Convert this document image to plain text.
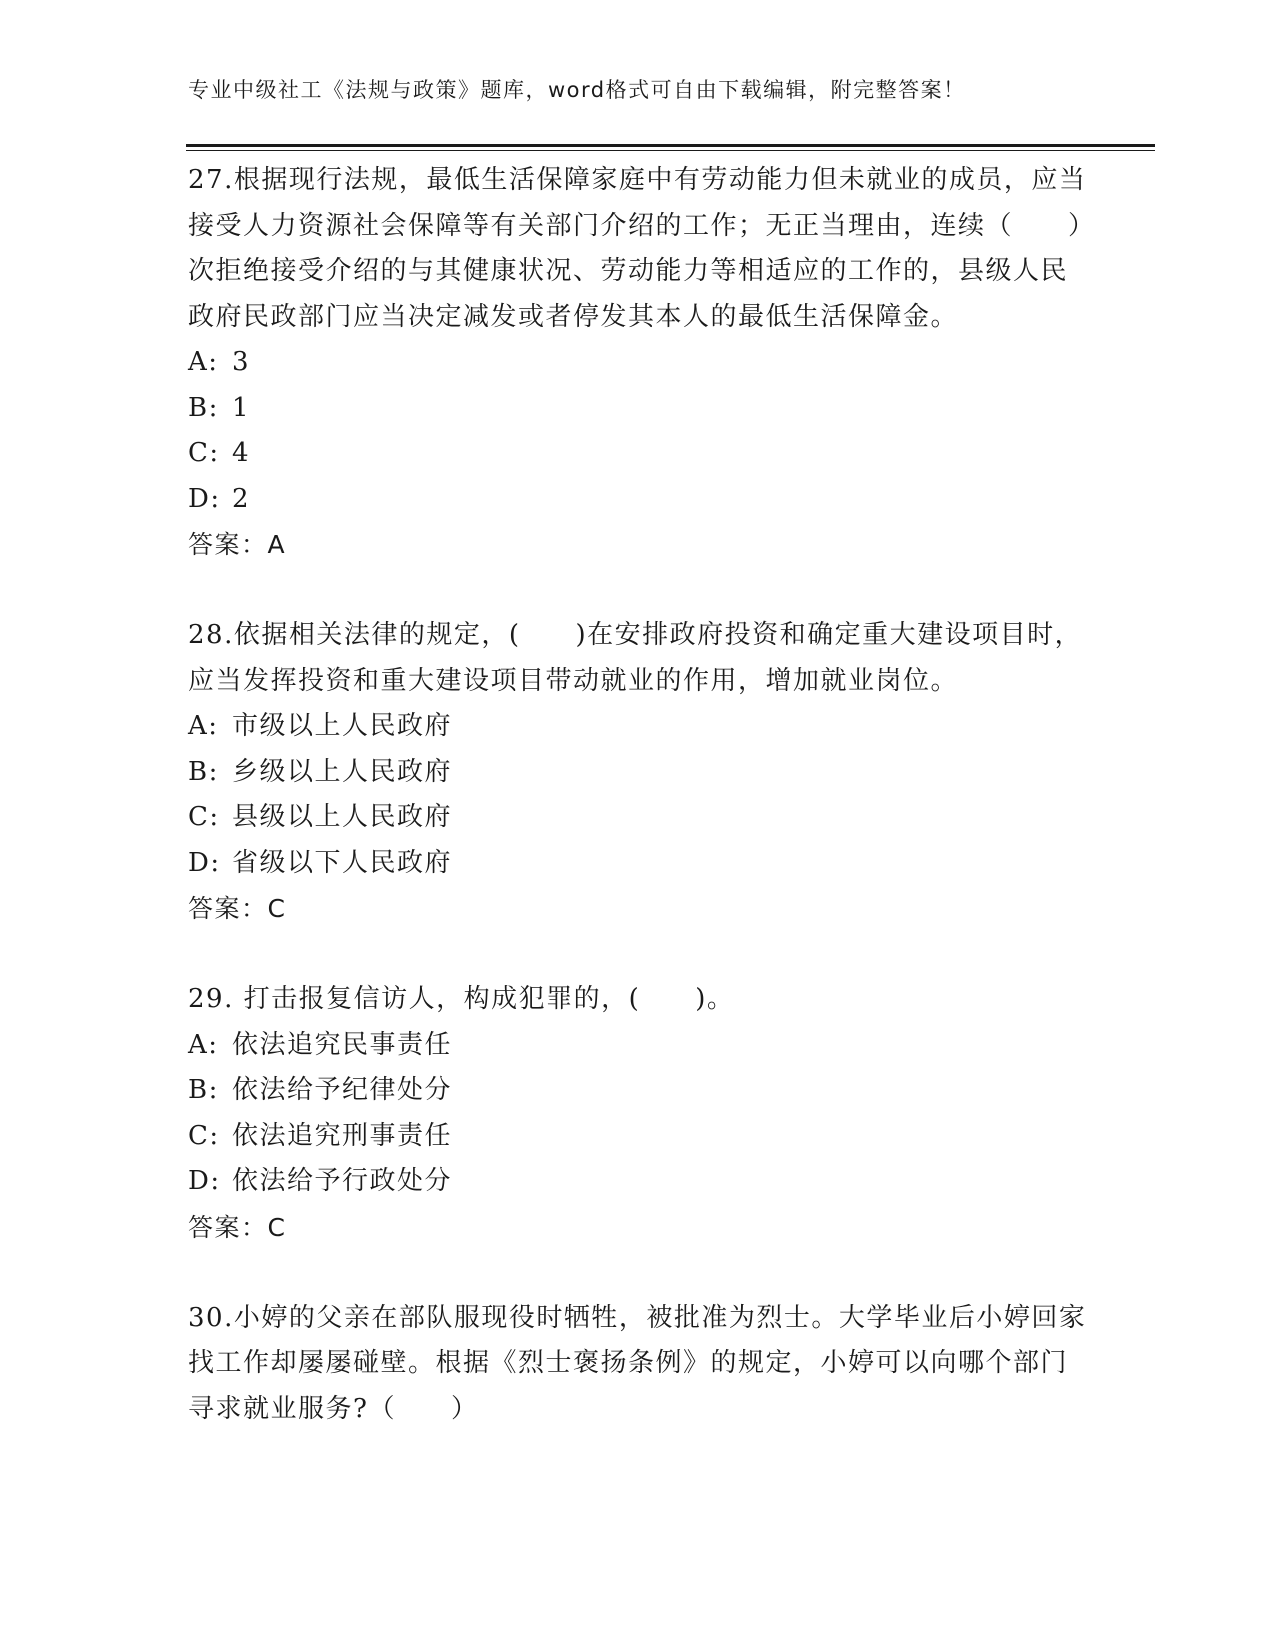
专业中级社工《法规与政策》题库，word格式可自由下载编辑，附完整答案！

27.根据现行法规，最低生活保障家庭中有劳动能力但未就业的成员，应当接受人力资源社会保障等有关部门介绍的工作；无正当理由，连续（　　）次拒绝接受介绍的与其健康状况、劳动能力等相适应的工作的，县级人民政府民政部门应当决定减发或者停发其本人的最低生活保障金。

A: 3

B: 1

C: 4

D: 2

答案：A

28.依据相关法律的规定，(　　)在安排政府投资和确定重大建设项目时，应当发挥投资和重大建设项目带动就业的作用，增加就业岗位。

A: 市级以上人民政府

B: 乡级以上人民政府

C: 县级以上人民政府

D: 省级以下人民政府

答案：C

29. 打击报复信访人，构成犯罪的，(　　)。

A: 依法追究民事责任

B: 依法给予纪律处分

C: 依法追究刑事责任

D: 依法给予行政处分

答案：C

30.小婷的父亲在部队服现役时牺牲，被批准为烈士。大学毕业后小婷回家找工作却屡屡碰壁。根据《烈士褒扬条例》的规定，小婷可以向哪个部门寻求就业服务?（　　）
